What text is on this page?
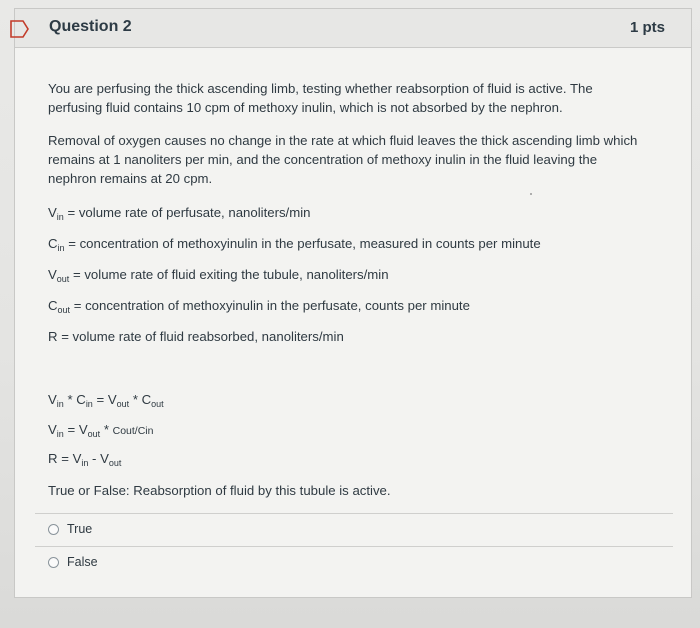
Question 2	1 pts

You are perfusing the thick ascending limb, testing whether reabsorption of fluid is active. The perfusing fluid contains 10 cpm of methoxy inulin, which is not absorbed by the nephron.

Removal of oxygen causes no change in the rate at which fluid leaves the thick ascending limb which remains at 1 nanoliters per min, and the concentration of methoxy inulin in the fluid leaving the nephron remains at 20 cpm.

$V_{in}$ = volume rate of perfusate, nanoliters/min
$C_{in}$ = concentration of methoxyinulin in the perfusate, measured in counts per minute
$V_{out}$ = volume rate of fluid exiting the tubule, nanoliters/min
$C_{out}$ = concentration of methoxyinulin in the perfusate, counts per minute
R = volume rate of fluid reabsorbed, nanoliters/min
$V_{in} * C_{in} = V_{out} * C_{out}$
$V_{in} = V_{out}$ * Cout/Cin
$R = V_{in} - V_{out}$
True or False: Reabsorption of fluid by this tubule is active.
True
False
